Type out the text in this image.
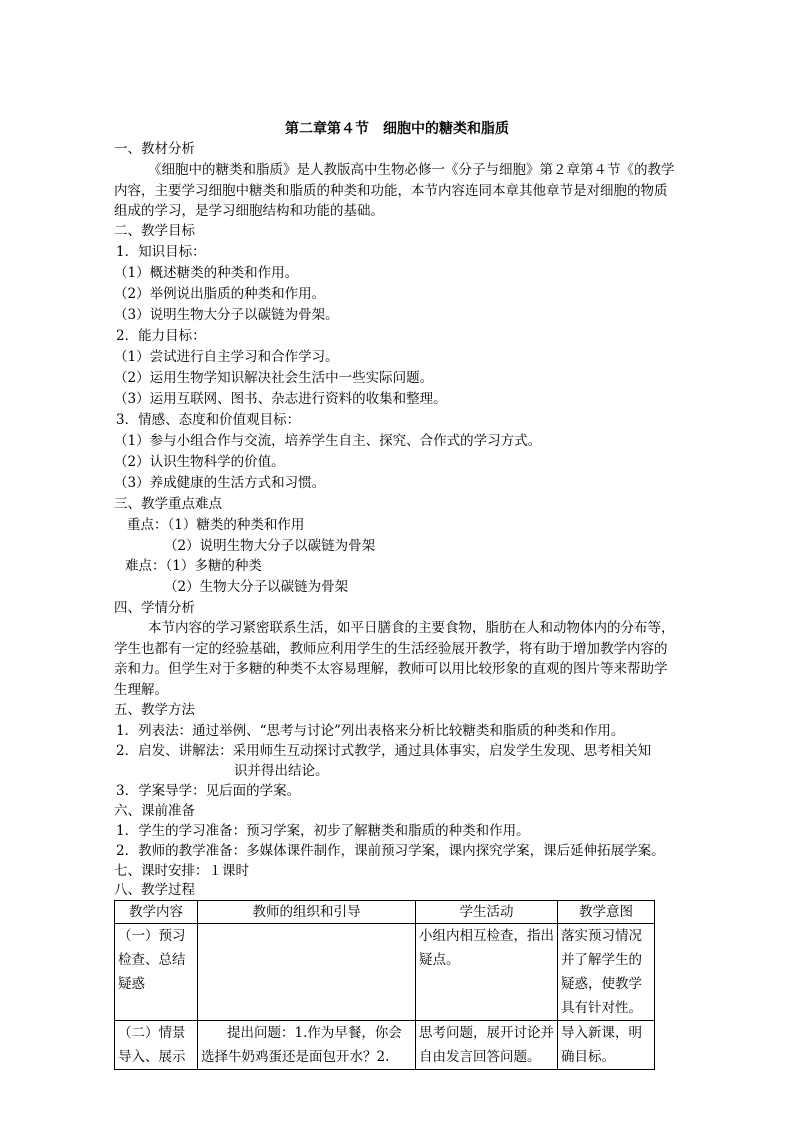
第二章第４节　细胞中的糖类和脂质
一、教材分析
《细胞中的糖类和脂质》是人教版高中生物必修一《分子与细胞》第２章第４节《的教学内容，主要学习细胞中糖类和脂质的种类和功能，本节内容连同本章其他章节是对细胞的物质组成的学习，是学习细胞结构和功能的基础。
二、教学目标
1．知识目标：
（1）概述糖类的种类和作用。
（2）举例说出脂质的种类和作用。
（3）说明生物大分子以碳链为骨架。
2．能力目标：
（1）尝试进行自主学习和合作学习。
（2）运用生物学知识解决社会生活中一些实际问题。
（3）运用互联网、图书、杂志进行资料的收集和整理。
3．情感、态度和价值观目标：
（1）参与小组合作与交流，培养学生自主、探究、合作式的学习方式。
（2）认识生物科学的价值。
（3）养成健康的生活方式和习惯。
三、教学重点难点
重点：（1）糖类的种类和作用
（2）说明生物大分子以碳链为骨架
难点：（1）多糖的种类
（2）生物大分子以碳链为骨架
四、学情分析
本节内容的学习紧密联系生活，如平日膳食的主要食物，脂肪在人和动物体内的分布等，学生也都有一定的经验基础，教师应利用学生的生活经验展开教学，将有助于增加教学内容的亲和力。但学生对于多糖的种类不太容易理解，教师可以用比较形象的直观的图片等来帮助学生理解。
五、教学方法
1．列表法：通过举例、“思考与讨论”列出表格来分析比较糖类和脂质的种类和作用。
2．启发、讲解法：采用师生互动探讨式教学，通过具体事实，启发学生发现、思考相关知
识并得出结论。
3．学案导学：见后面的学案。
六、课前准备
1．学生的学习准备：预习学案，初步了解糖类和脂质的种类和作用。
2．教师的教学准备：多媒体课件制作，课前预习学案，课内探究学案，课后延伸拓展学案。
七、课时安排：１课时
八、教学过程
教学内容	教师的组织和引导	学生活动	教学意图
（一）预习检查、总结疑惑		小组内相互检查，指出疑点。	落实预习情况并了解学生的疑惑，使教学具有针对性。
（二）情景导入、展示	提出问题：1.作为早餐，你会选择牛奶鸡蛋还是面包开水？2.	思考问题，展开讨论并自由发言回答问题。	导入新课，明确目标。
